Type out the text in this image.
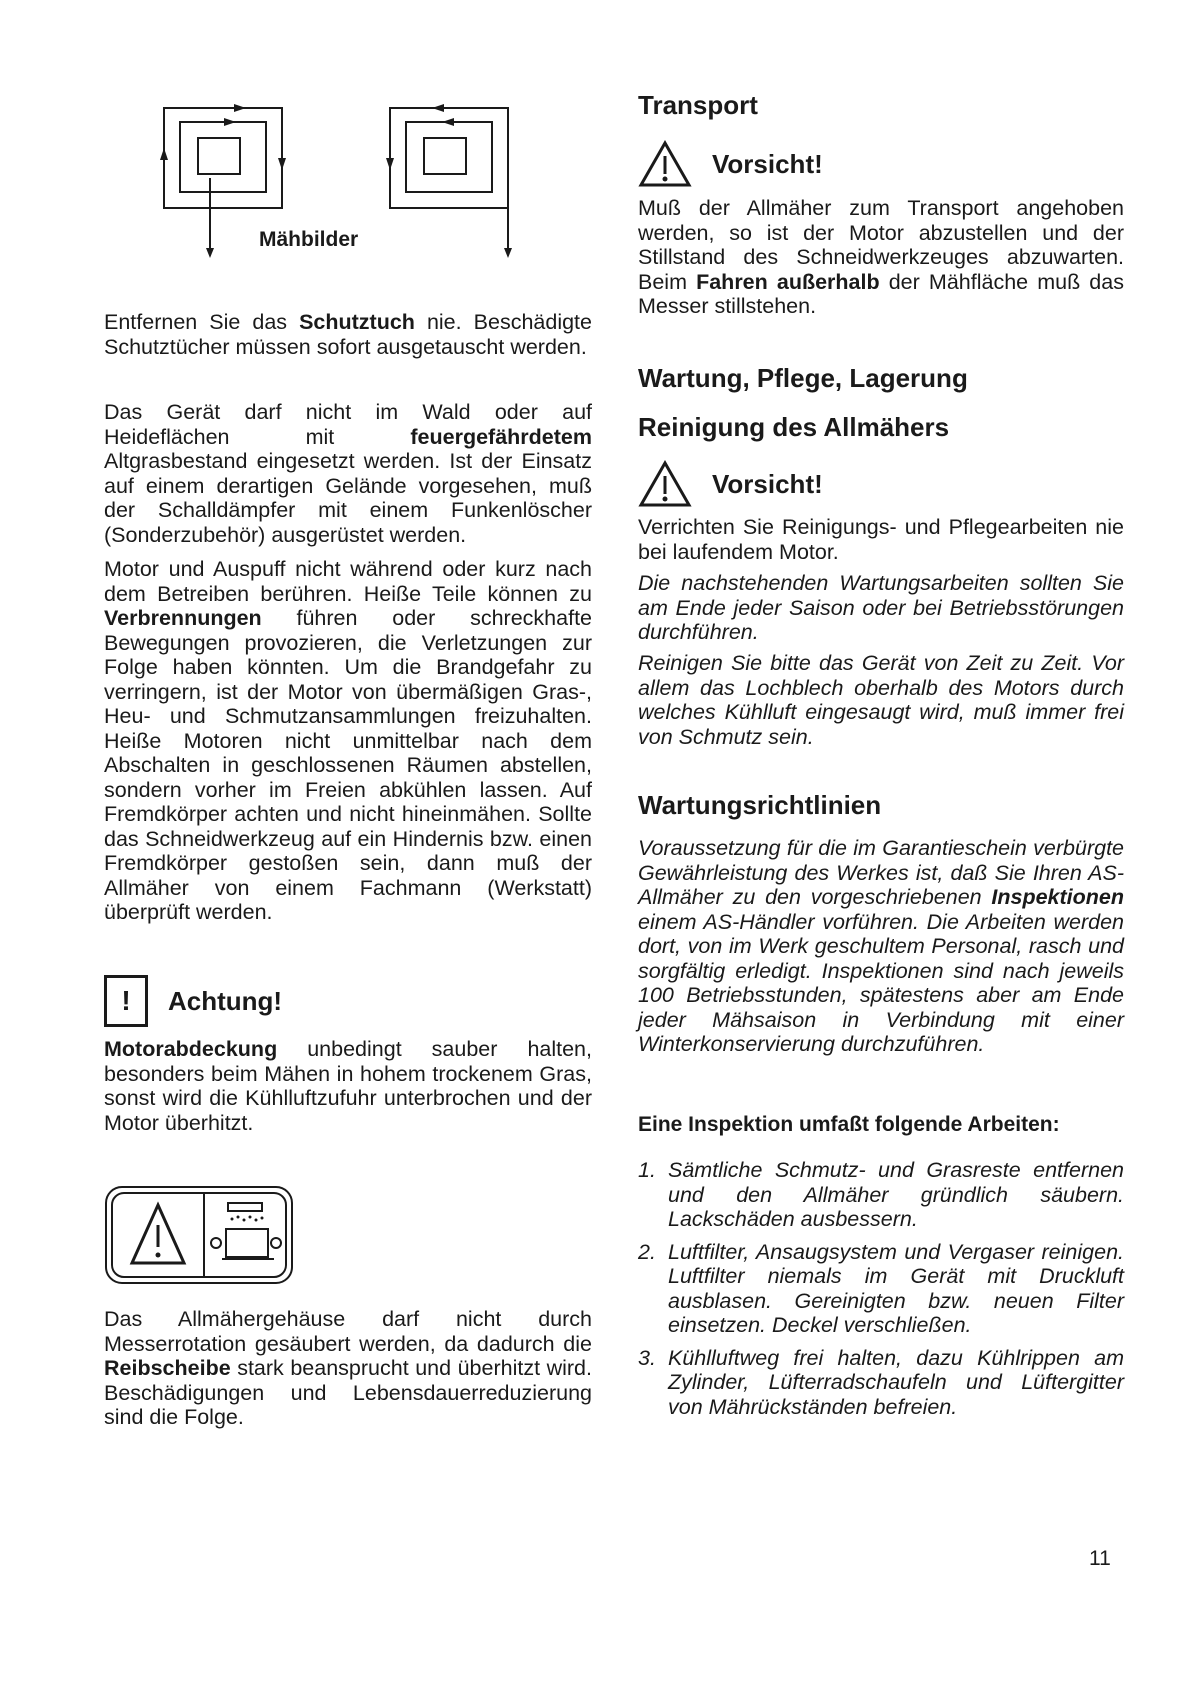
Mähbilder

Entfernen Sie das Schutztuch nie. Beschädigte Schutztücher müssen sofort ausgetauscht werden.

Das Gerät darf nicht im Wald oder auf Heideflächen mit feuergefährdetem Altgrasbestand eingesetzt werden. Ist der Einsatz auf einem derartigen Gelände vorgesehen, muß der Schalldämpfer mit einem Funkenlöscher (Sonderzubehör) ausgerüstet werden.

Motor und Auspuff nicht während oder kurz nach dem Betreiben berühren. Heiße Teile können zu Verbrennungen führen oder schreckhafte Bewegungen provozieren, die Verletzungen zur Folge haben könnten. Um die Brandgefahr zu verringern, ist der Motor von übermäßigen Gras-, Heu- und Schmutzansammlungen freizuhalten. Heiße Motoren nicht unmittelbar nach dem Abschalten in geschlossenen Räumen abstellen, sondern vorher im Freien abkühlen lassen. Auf Fremdkörper achten und nicht hineinmähen. Sollte das Schneidwerkzeug auf ein Hindernis bzw. einen Fremdkörper gestoßen sein, dann muß der Allmäher von einem Fachmann (Werkstatt) überprüft werden.

!	Achtung!

Motorabdeckung unbedingt sauber halten, besonders beim Mähen in hohem trockenem Gras, sonst wird die Kühlluftzufuhr unterbrochen und der Motor überhitzt.

Das Allmähergehäuse darf nicht durch Messerrotation gesäubert werden, da dadurch die Reibscheibe stark beansprucht und überhitzt wird. Beschädigungen und Lebensdauerreduzierung sind die Folge.

Transport
Vorsicht!

Muß der Allmäher zum Transport angehoben werden, so ist der Motor abzustellen und der Stillstand des Schneidwerkzeuges abzuwarten. Beim Fahren außerhalb der Mähfläche muß das Messer stillstehen.

Wartung, Pflege, Lagerung
Reinigung des Allmähers
Vorsicht!

Verrichten Sie Reinigungs- und Pflegearbeiten nie bei laufendem Motor.

Die nachstehenden Wartungsarbeiten sollten Sie am Ende jeder Saison oder bei Betriebsstörungen durchführen.

Reinigen Sie bitte das Gerät von Zeit zu Zeit. Vor allem das Lochblech oberhalb des Motors durch welches Kühlluft eingesaugt wird, muß immer frei von Schmutz sein.

Wartungsrichtlinien

Voraussetzung für die im Garantieschein verbürgte Gewährleistung des Werkes ist, daß Sie Ihren AS-Allmäher zu den vorgeschriebenen Inspektionen einem AS-Händler vorführen. Die Arbeiten werden dort, von im Werk geschultem Personal, rasch und sorgfältig erledigt. Inspektionen sind nach jeweils 100 Betriebsstunden, spätestens aber am Ende jeder Mähsaison in Verbindung mit einer Winterkonservierung durchzuführen.

Eine Inspektion umfaßt folgende Arbeiten:
1. Sämtliche Schmutz- und Grasreste entfernen und den Allmäher gründlich säubern. Lackschäden ausbessern.
2. Luftfilter, Ansaugsystem und Vergaser reinigen. Luftfilter niemals im Gerät mit Druckluft ausblasen. Gereinigten bzw. neuen Filter einsetzen. Deckel verschließen.
3. Kühlluftweg frei halten, dazu Kühlrippen am Zylinder, Lüfterradschaufeln und Lüftergitter von Mährückständen befreien.
11
